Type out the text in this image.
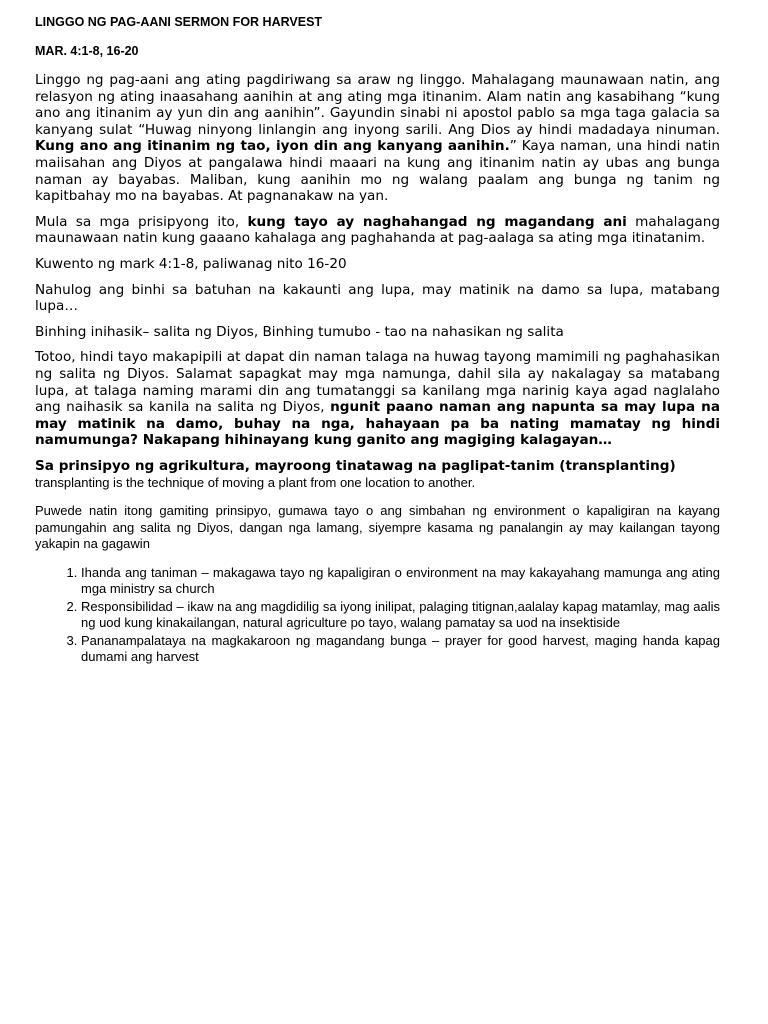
LINGGO NG PAG-AANI SERMON FOR HARVEST
MAR. 4:1-8, 16-20
Linggo ng pag-aani ang ating pagdiriwang sa araw ng linggo. Mahalagang maunawaan natin, ang relasyon ng ating inaasahang aanihin at ang ating mga itinanim. Alam natin ang kasabihang “kung ano ang itinanim ay yun din ang aanihin”. Gayundin sinabi ni apostol pablo sa mga taga galacia sa kanyang sulat “Huwag ninyong linlangin ang inyong sarili. Ang Dios ay hindi madadaya ninuman. Kung ano ang itinanim ng tao, iyon din ang kanyang aanihin.” Kaya naman, una hindi natin maiisahan ang Diyos at pangalawa hindi maaari na kung ang itinanim natin ay ubas ang bunga naman ay bayabas. Maliban, kung aanihin mo ng walang paalam ang bunga ng tanim ng kapitbahay mo na bayabas. At pagnanakaw na yan.
Mula sa mga prisipyong ito, kung tayo ay naghahangad ng magandang ani mahalagang maunawaan natin kung gaaano kahalaga ang paghahanda at pag-aalaga sa ating mga itinatanim.
Kuwento ng mark 4:1-8, paliwanag nito 16-20
Nahulog ang binhi sa batuhan na kakaunti ang lupa, may matinik na damo sa lupa, matabang lupa…
Binhing inihasik– salita ng Diyos, Binhing tumubo - tao na nahasikan ng salita
Totoo, hindi tayo makapipili at dapat din naman talaga na huwag tayong mamimili ng paghahasikan ng salita ng Diyos. Salamat sapagkat may mga namunga, dahil sila ay nakalagay sa matabang lupa, at talaga naming marami din ang tumatanggi sa kanilang mga narinig kaya agad naglalaho ang naihasik sa kanila na salita ng Diyos, ngunit paano naman ang napunta sa may lupa na may matinik na damo, buhay na nga, hahayaan pa ba nating mamatay ng hindi namumunga? Nakapang hihinayang kung ganito ang magiging kalagayan…
Sa prinsipyo ng agrikultura, mayroong tinatawag na paglipat-tanim (transplanting)
transplanting is the technique of moving a plant from one location to another.
Puwede natin itong gamiting prinsipyo, gumawa tayo o ang simbahan ng environment o kapaligiran na kayang pamungahin ang salita ng Diyos, dangan nga lamang, siyempre kasama ng panalangin ay may kailangan tayong yakapin na gagawin
1. Ihanda ang taniman – makagawa tayo ng kapaligiran o environment na may kakayahang mamunga ang ating mga ministry sa church
2. Responsibilidad – ikaw na ang magdidilig sa iyong inilipat, palaging titignan,aalalay kapag matamlay, mag aalis ng uod kung kinakailangan, natural agriculture po tayo, walang pamatay sa uod na insektiside
3. Pananampalataya na magkakaroon ng magandang bunga – prayer for good harvest, maging handa kapag dumami ang harvest
